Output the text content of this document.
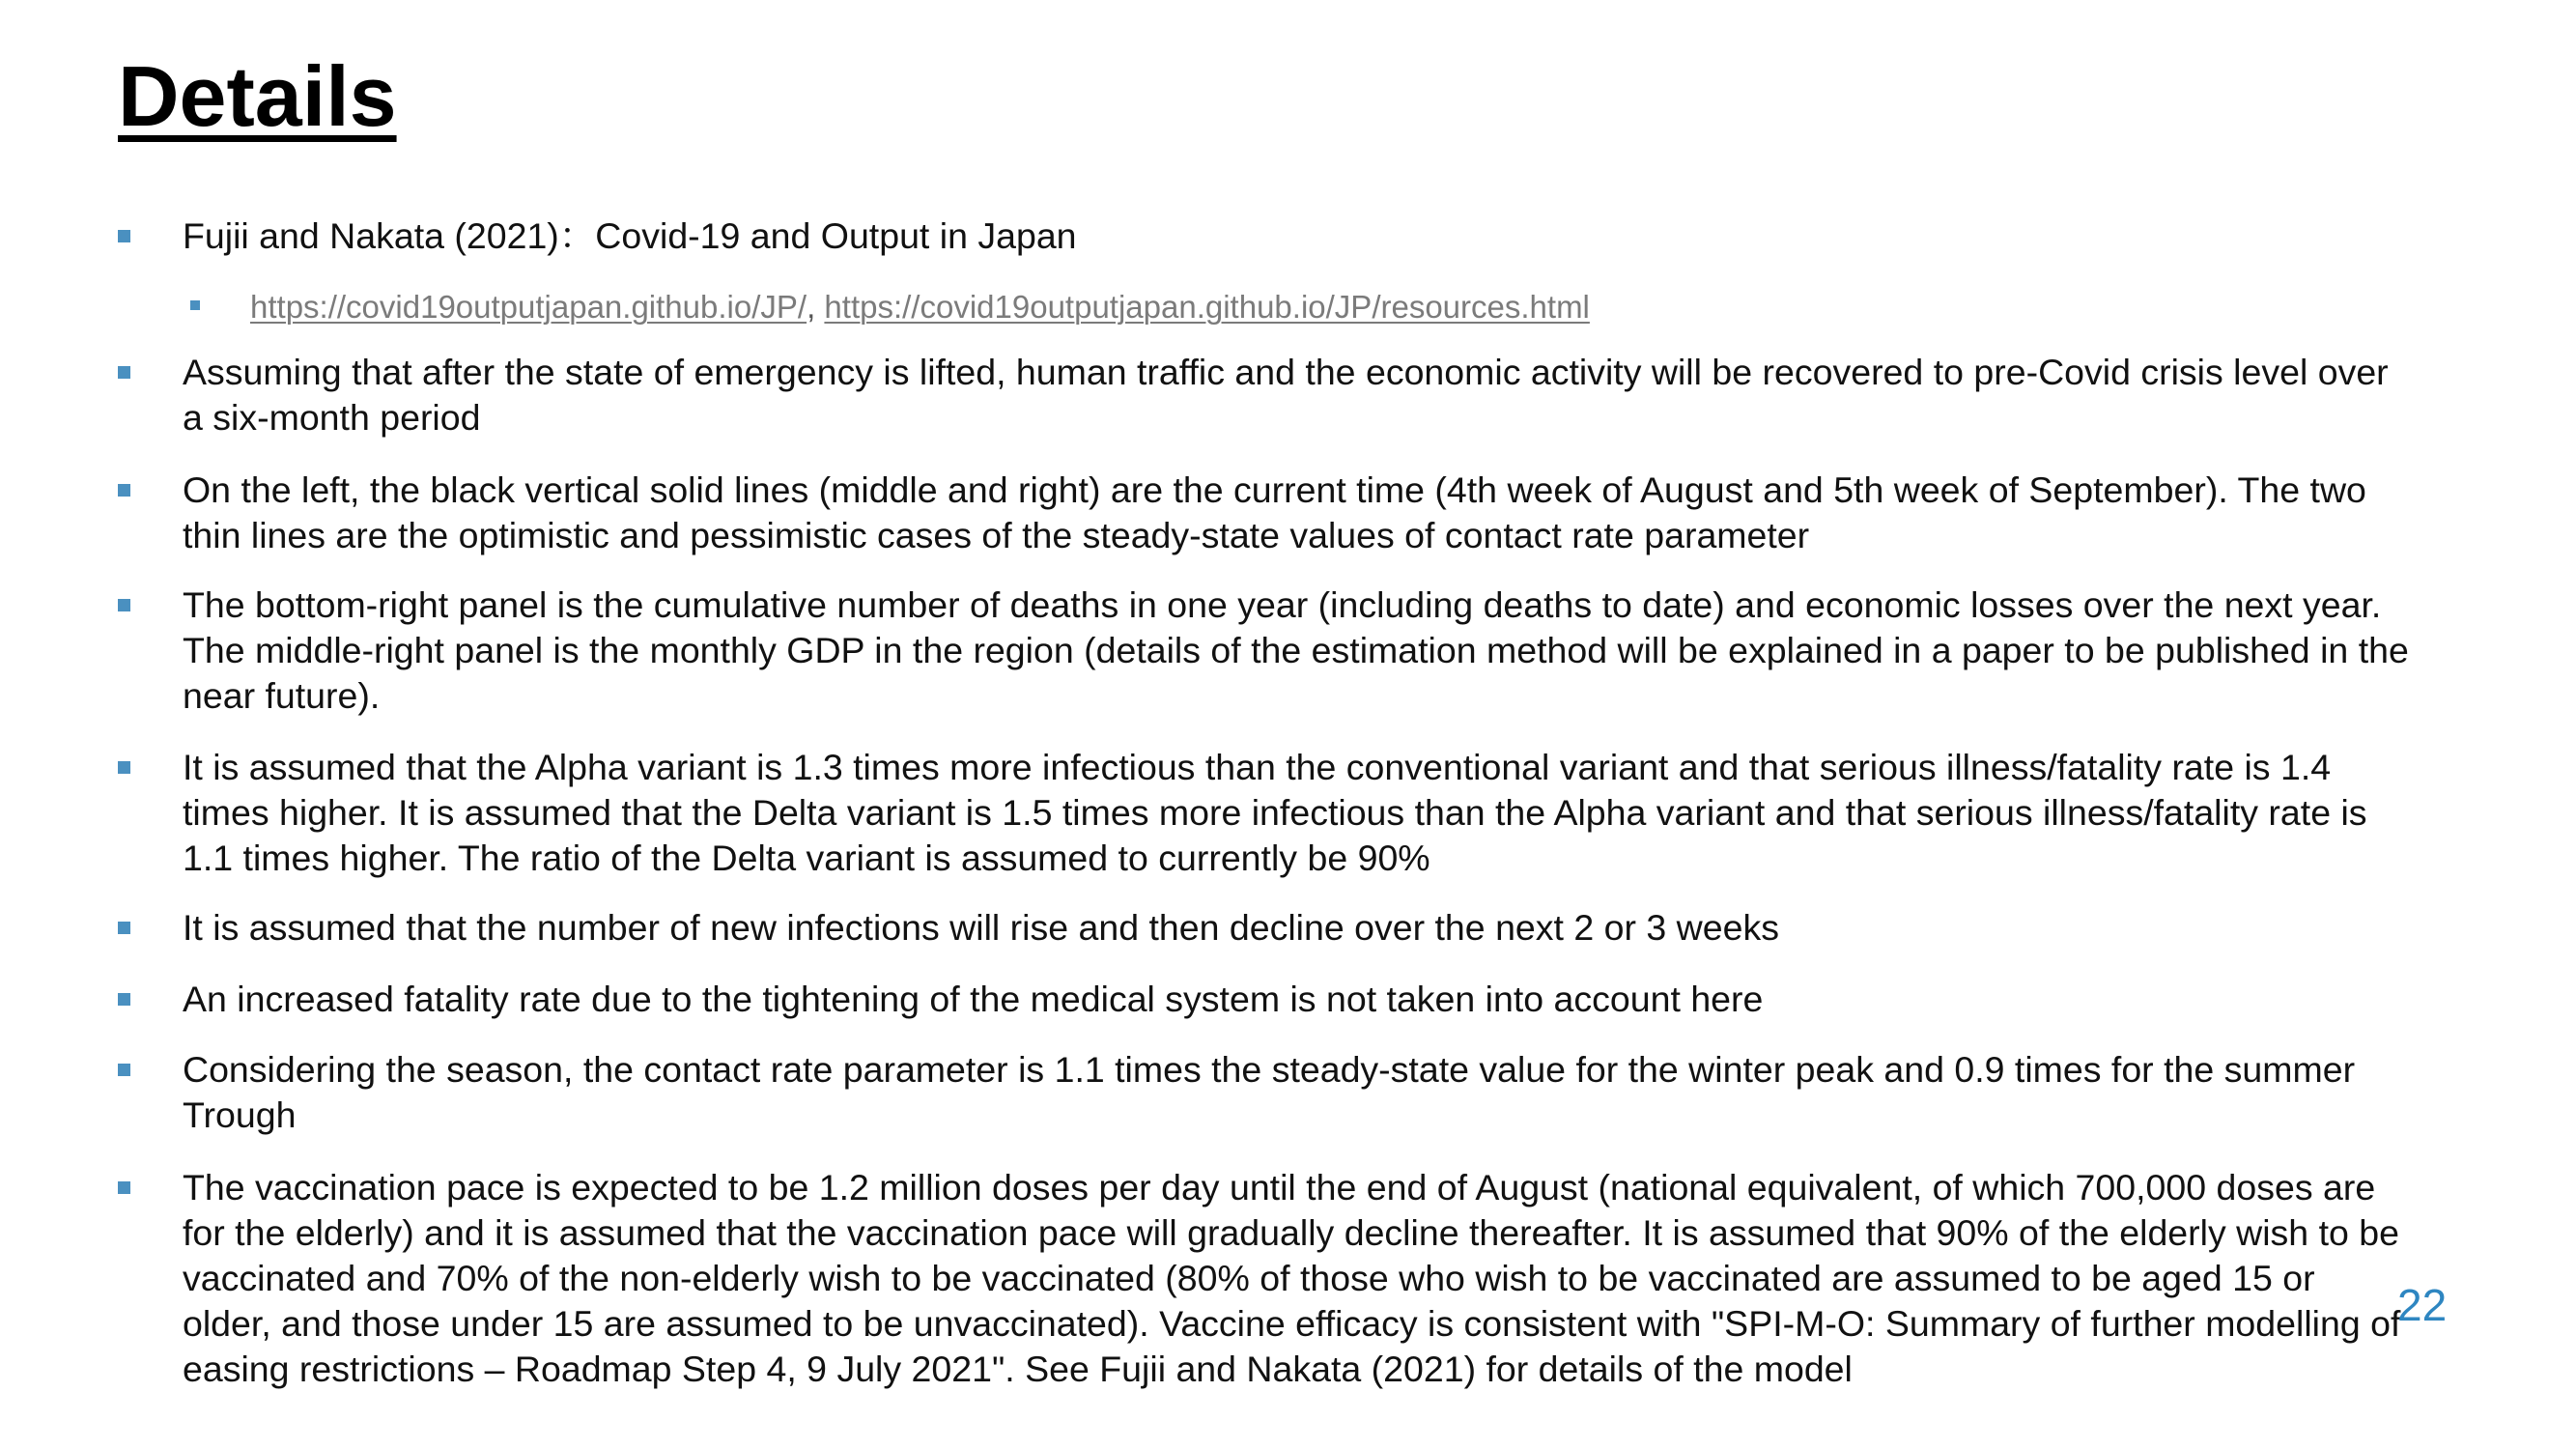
Details
Fujii and Nakata (2021)：Covid-19 and Output in Japan
https://covid19outputjapan.github.io/JP/, https://covid19outputjapan.github.io/JP/resources.html
Assuming that after the state of emergency is lifted, human traffic and the economic activity will be recovered to pre-Covid crisis level over a six-month period
On the left, the black vertical solid lines (middle and right) are the current time (4th week of August and 5th week of September). The two thin lines are the optimistic and pessimistic cases of the steady-state values of contact rate parameter
The bottom-right panel is the cumulative number of deaths in one year (including deaths to date) and economic losses over the next year. The middle-right panel is the monthly GDP in the region (details of the estimation method will be explained in a paper to be published in the near future).
It is assumed that the Alpha variant is 1.3 times more infectious than the conventional variant and that serious illness/fatality rate is 1.4 times higher. It is assumed that the Delta variant is 1.5 times more infectious than the Alpha variant and that serious illness/fatality rate is 1.1 times higher. The ratio of the Delta variant is assumed to currently be 90%
It is assumed that the number of new infections will rise and then decline over the next 2 or 3 weeks
An increased fatality rate due to the tightening of the medical system is not taken into account here
Considering the season, the contact rate parameter is 1.1 times the steady-state value for the winter peak and 0.9 times for the summer Trough
The vaccination pace is expected to be 1.2 million doses per day until the end of August (national equivalent, of which 700,000 doses are for the elderly) and it is assumed that the vaccination pace will gradually decline thereafter. It is assumed that 90% of the elderly wish to be vaccinated and 70% of the non-elderly wish to be vaccinated (80% of those who wish to be vaccinated are assumed to be aged 15 or older, and those under 15 are assumed to be unvaccinated). Vaccine efficacy is consistent with "SPI-M-O: Summary of further modelling of easing restrictions – Roadmap Step 4, 9 July 2021". See Fujii and Nakata (2021) for details of the model
22
